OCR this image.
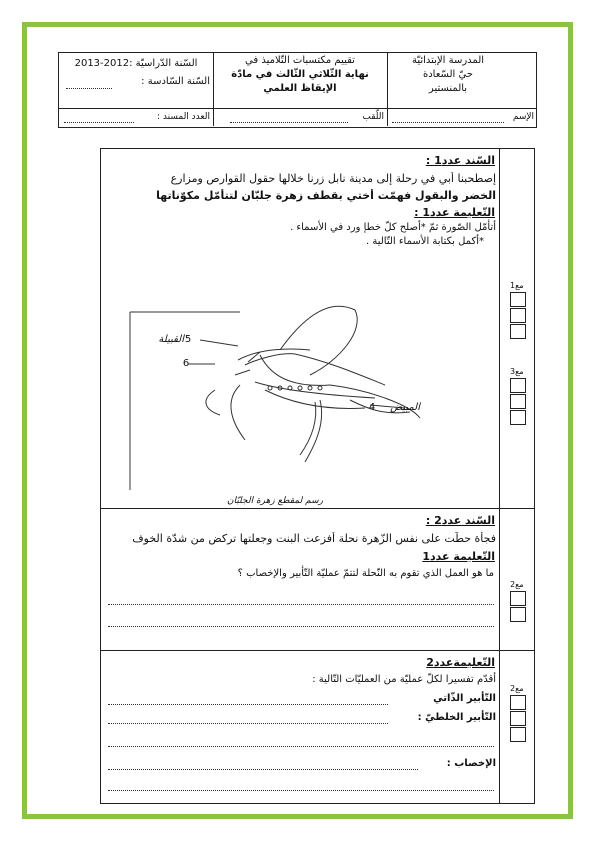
المدرسة الإبتدائيّة
حيّ السّعادة
بالمنستير
تقييم مكتسبات التّلاميذ في
نهاية الثّلاثي الثّالث في مادّة
الإيقاظ العلمي
السّنة الدّراسيّة :2012-2013
السّنة السّادسة :
الإسم
اللّقب
العدد المسند :
السّند عدد1 :
إصطحبنا أبي في رحلة إلى مدينة نابل زرنا خلالها حقول القوارص ومزارع
الخضر والبقول فهمّت أختي بقطف زهرة جلبّان لتتأمّل مكوّناتها
التّعليمة عدد1 :
أتأمّل الصّورة ثمّ *أصلح كلّ خطإ ورد في الأسماء .
*أكمل بكتابة الأسماء التّالية .
5
القبيلة
6
4	المبيض
رسم لمقطع زهرة الجلبّان
مع1
مع3
السّند عدد2 :
فجأة حطّت على نفس الزّهرة نحلة أفزعت البنت وجعلتها تركض من شدّة الخوف
التّعليمة عدد1
ما هو العمل الذي تقوم به النّحلة لتتمّ عمليّة التّأبير والإخصاب ؟
مع2
التّعليمةعدد2
أقدّم تفسيرا لكلّ عمليّة من العمليّات التّالية :
التّأبير الذّاتي
التّأبير الخلطيّ :
الإخصاب :
مع2
